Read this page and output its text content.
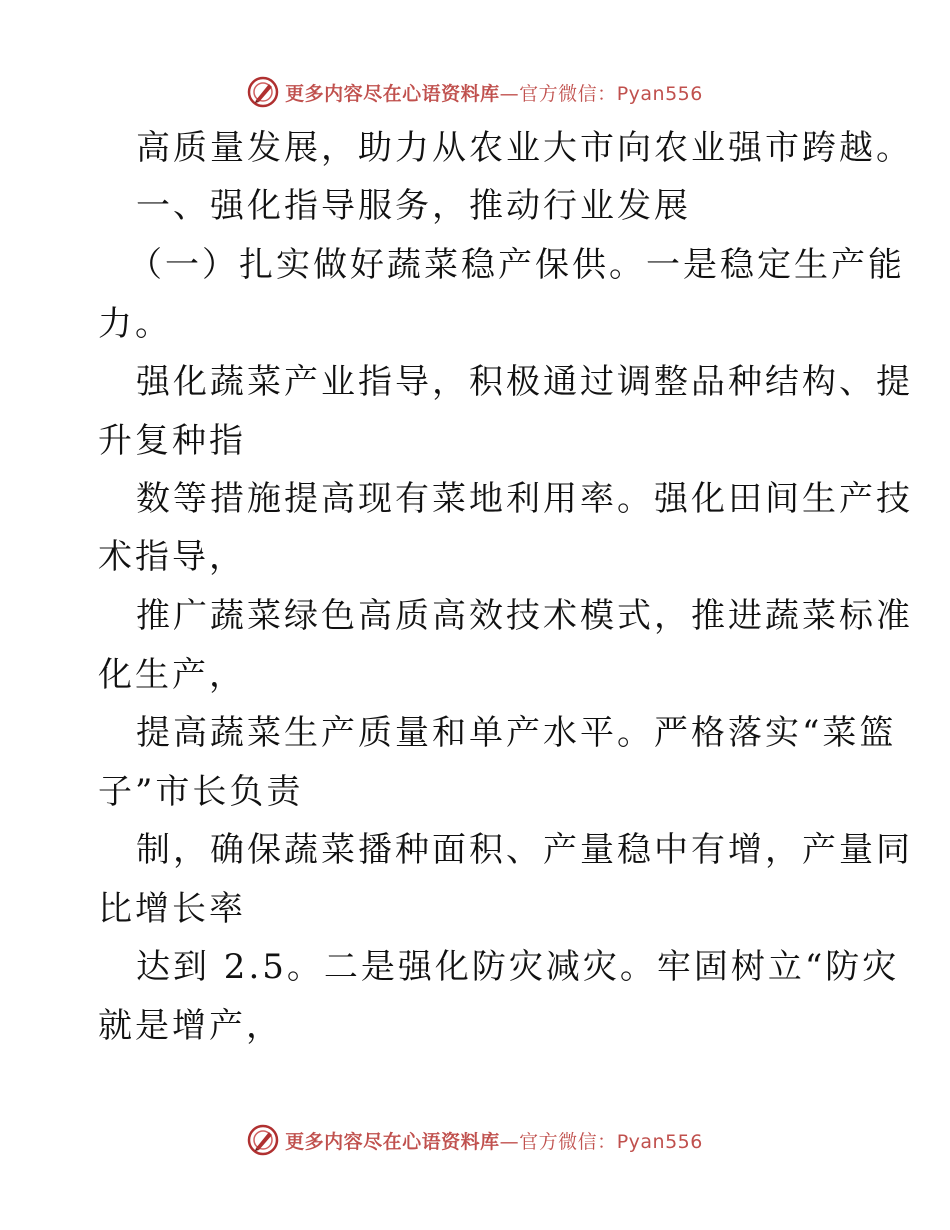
更多内容尽在心语资料库—官方微信：Pyan556
高质量发展，助力从农业大市向农业强市跨越。
一、强化指导服务，推动行业发展
（一）扎实做好蔬菜稳产保供。一是稳定生产能
力。
强化蔬菜产业指导，积极通过调整品种结构、提
升复种指
数等措施提高现有菜地利用率。强化田间生产技
术指导，
推广蔬菜绿色高质高效技术模式，推进蔬菜标准
化生产，
提高蔬菜生产质量和单产水平。严格落实“菜篮
子”市长负责
制，确保蔬菜播种面积、产量稳中有增，产量同
比增长率
达到 2.5。二是强化防灾减灾。牢固树立“防灾
就是增产，
更多内容尽在心语资料库—官方微信：Pyan556
